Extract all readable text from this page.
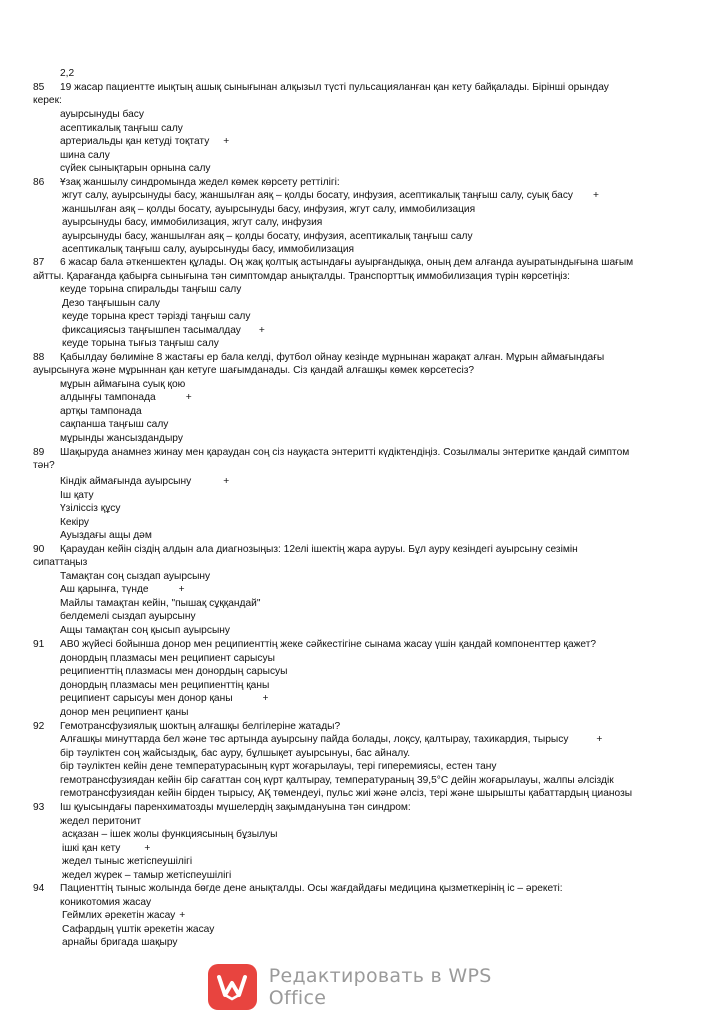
2,2
85 19 жасар пациентте иықтың ашық сынығынан алқызыл түсті пульсацияланған қан кету байқалады. Бірінші орындау
керек:
ауырсынуды басу
асептикалық таңғыш салу
артериальды қан кетуді тоқтату +
шина салу
сүйек сынықтарын орнына салу
86 Ұзақ жаншылу синдромында жедел көмек көрсету реттілігі:
жгут салу, ауырсынуды басу, жаншылған аяқ – қолды босату, инфузия, асептикалық таңғыш салу, суық басу +
жаншылған аяқ – қолды босату, ауырсынуды басу, инфузия, жгут салу, иммобилизация
ауырсынуды басу, иммобилизация, жгут салу, инфузия
ауырсынуды басу, жаншылған аяқ – қолды босату, инфузия, асептикалық таңғыш салу
асептикалық таңғыш салу, ауырсынуды басу, иммобилизация
87 6 жасар бала әткеншектен құлады. Оң жақ қолтық астындағы ауырғандыққа, оның дем алғанда ауыратындығына шағым
айтты. Қарағанда қабырға сынығына тән симптомдар анықталды. Транспорттық иммобилизация түрін көрсетіңіз:
кеуде торына спиральды таңғыш салу
Дезо таңғышын салу
кеуде торына крест тәрізді таңғыш салу
фиксациясыз таңғышпен тасымалдау +
кеуде торына тығыз таңғыш салу
88 Қабылдау бөлиміне 8 жастағы ер бала келді, футбол ойнау кезінде мұрнынан жарақат алған. Мұрын аймағындағы
ауырсынуға және мұрыннан қан кетуге шағымданады. Сіз қандай алғашқы көмек көрсетесіз?
мұрын аймағына суық қою
алдыңғы тампонада	+
артқы тампонада
сақпанша таңғыш салу
мұрынды жансыздандыру
89 Шақыруда анамнез жинау мен қараудан соң сіз науқаста энтеритті күдіктендіңіз. Созылмалы энтеритке қандай симптом
тән?
Кіндік аймағында ауырсыну	+
Іш қату
Үзіліссіз құсу
Кекіру
Ауыздағы ащы дәм
90 Қараудан кейін сіздің алдын ала диагнозыңыз: 12елі ішектің жара ауруы. Бұл ауру кезіндегі ауырсыну сезімін
сипаттаңыз
Тамақтан соң сыздап ауырсыну
Аш қарынға, түнде	+
Майлы тамақтан кейін, "пышақ сұққандай"
белдемелі сыздап ауырсыну
Ащы тамақтан соң қысып ауырсыну
91 АВ0 жүйесі бойынша донор мен реципиенттің жеке сәйкестігіне сынама жасау үшін қандай компоненттер қажет?
донордың плазмасы мен реципиент сарысуы
реципиенттің плазмасы мен донордың сарысуы
донордың плазмасы мен реципиенттің қаны
реципиент сарысуы мен донор қаны	+
донор мен реципиент қаны
92 Гемотрансфузиялық шоктың алғашқы белгілеріне жатады?
Алғашқы минуттарда бел және төс артында ауырсыну пайда болады, лоқсу, қалтырау, тахикардия, тырысу	+
бір тәуліктен соң жайсыздық, бас ауру, бұлшықет ауырсынуы, бас айналу.
бір тәуліктен кейін дене температурасының күрт жоғарылауы, тері гиперемиясы, естен тану
гемотрансфузиядан кейін бір сағаттан соң күрт қалтырау, температураның 39,5°С дейін жоғарылауы, жалпы әлсіздік
гемотрансфузиядан кейін бірден тырысу, АҚ төмендеуі, пульс жиі және әлсіз, тері және шырышты қабаттардың цианозы
93 Іш қуысындағы паренхиматозды мүшелердің зақымдануына тән синдром:
жедел перитонит
асқазан – ішек жолы функциясының бұзылуы
ішкі қан кету +
жедел тыныс жетіспеушілігі
жедел жүрек – тамыр жетіспеушілігі
94 Пациенттің тыныс жолында бөгде дене анықталды. Осы жағдайдағы медицина қызметкерінің іс – әрекеті:
коникотомия жасау
Геймлих әрекетін жасау +
Сафардың үштік әрекетін жасау
арнайы бригада шақыру
Редактировать в WPS Office
